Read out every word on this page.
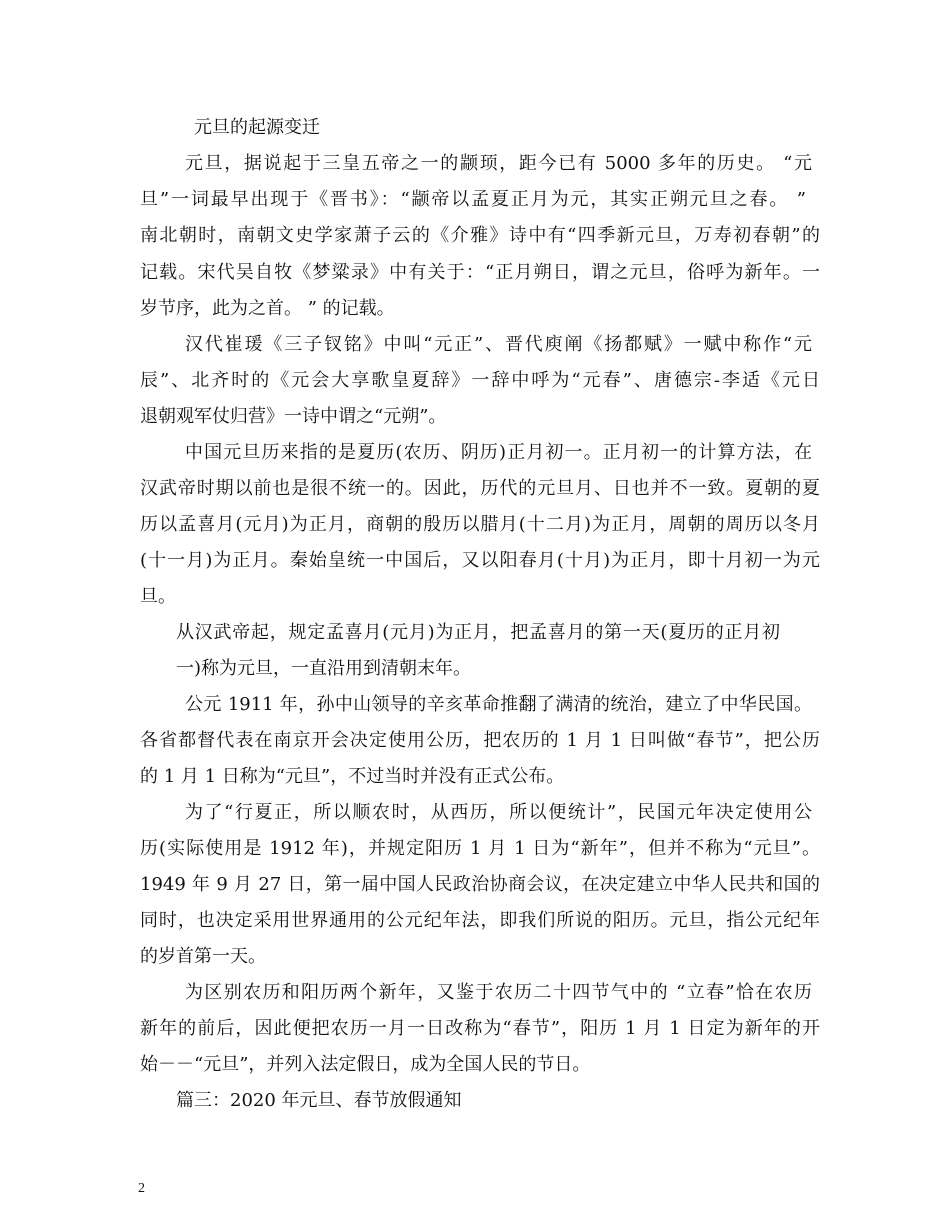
元旦的起源变迁
元旦，据说起于三皇五帝之一的颛顼，距今已有 5000 多年的历史。 “元
旦”一词最早出现于《晋书》：“颛帝以孟夏正月为元，其实正朔元旦之春。 ”
南北朝时，南朝文史学家萧子云的《介雅》诗中有“四季新元旦，万寿初春朝”的
记载。宋代吴自牧《梦粱录》中有关于：“正月朔日，谓之元旦，俗呼为新年。一
岁节序，此为之首。 ” 的记载。
汉代崔瑗《三子钗铭》中叫“元正”、晋代庾阐《扬都赋》一赋中称作“元
辰”、北齐时的《元会大享歌皇夏辞》一辞中呼为“元春”、唐德宗-李适《元日
退朝观军仗归营》一诗中谓之“元朔”。
中国元旦历来指的是夏历(农历、阴历)正月初一。正月初一的计算方法，在
汉武帝时期以前也是很不统一的。因此，历代的元旦月、日也并不一致。夏朝的夏
历以孟喜月(元月)为正月，商朝的殷历以腊月(十二月)为正月，周朝的周历以冬月
(十一月)为正月。秦始皇统一中国后，又以阳春月(十月)为正月，即十月初一为元
旦。
从汉武帝起，规定孟喜月(元月)为正月，把孟喜月的第一天(夏历的正月初
一)称为元旦，一直沿用到清朝末年。
公元 1911 年，孙中山领导的辛亥革命推翻了满清的统治，建立了中华民国。
各省都督代表在南京开会决定使用公历，把农历的 1 月 1 日叫做“春节”，把公历
的 1 月 1 日称为“元旦”，不过当时并没有正式公布。
为了“行夏正，所以顺农时，从西历，所以便统计”，民国元年决定使用公
历(实际使用是 1912 年)，并规定阳历 1 月 1 日为“新年”，但并不称为“元旦”。
1949 年 9 月 27 日，第一届中国人民政治协商会议，在决定建立中华人民共和国的
同时，也决定采用世界通用的公元纪年法，即我们所说的阳历。元旦，指公元纪年
的岁首第一天。
为区别农历和阳历两个新年，又鉴于农历二十四节气中的 “立春”恰在农历
新年的前后，因此便把农历一月一日改称为“春节”，阳历 1 月 1 日定为新年的开
始－－“元旦”，并列入法定假日，成为全国人民的节日。
篇三：2020 年元旦、春节放假通知
2
